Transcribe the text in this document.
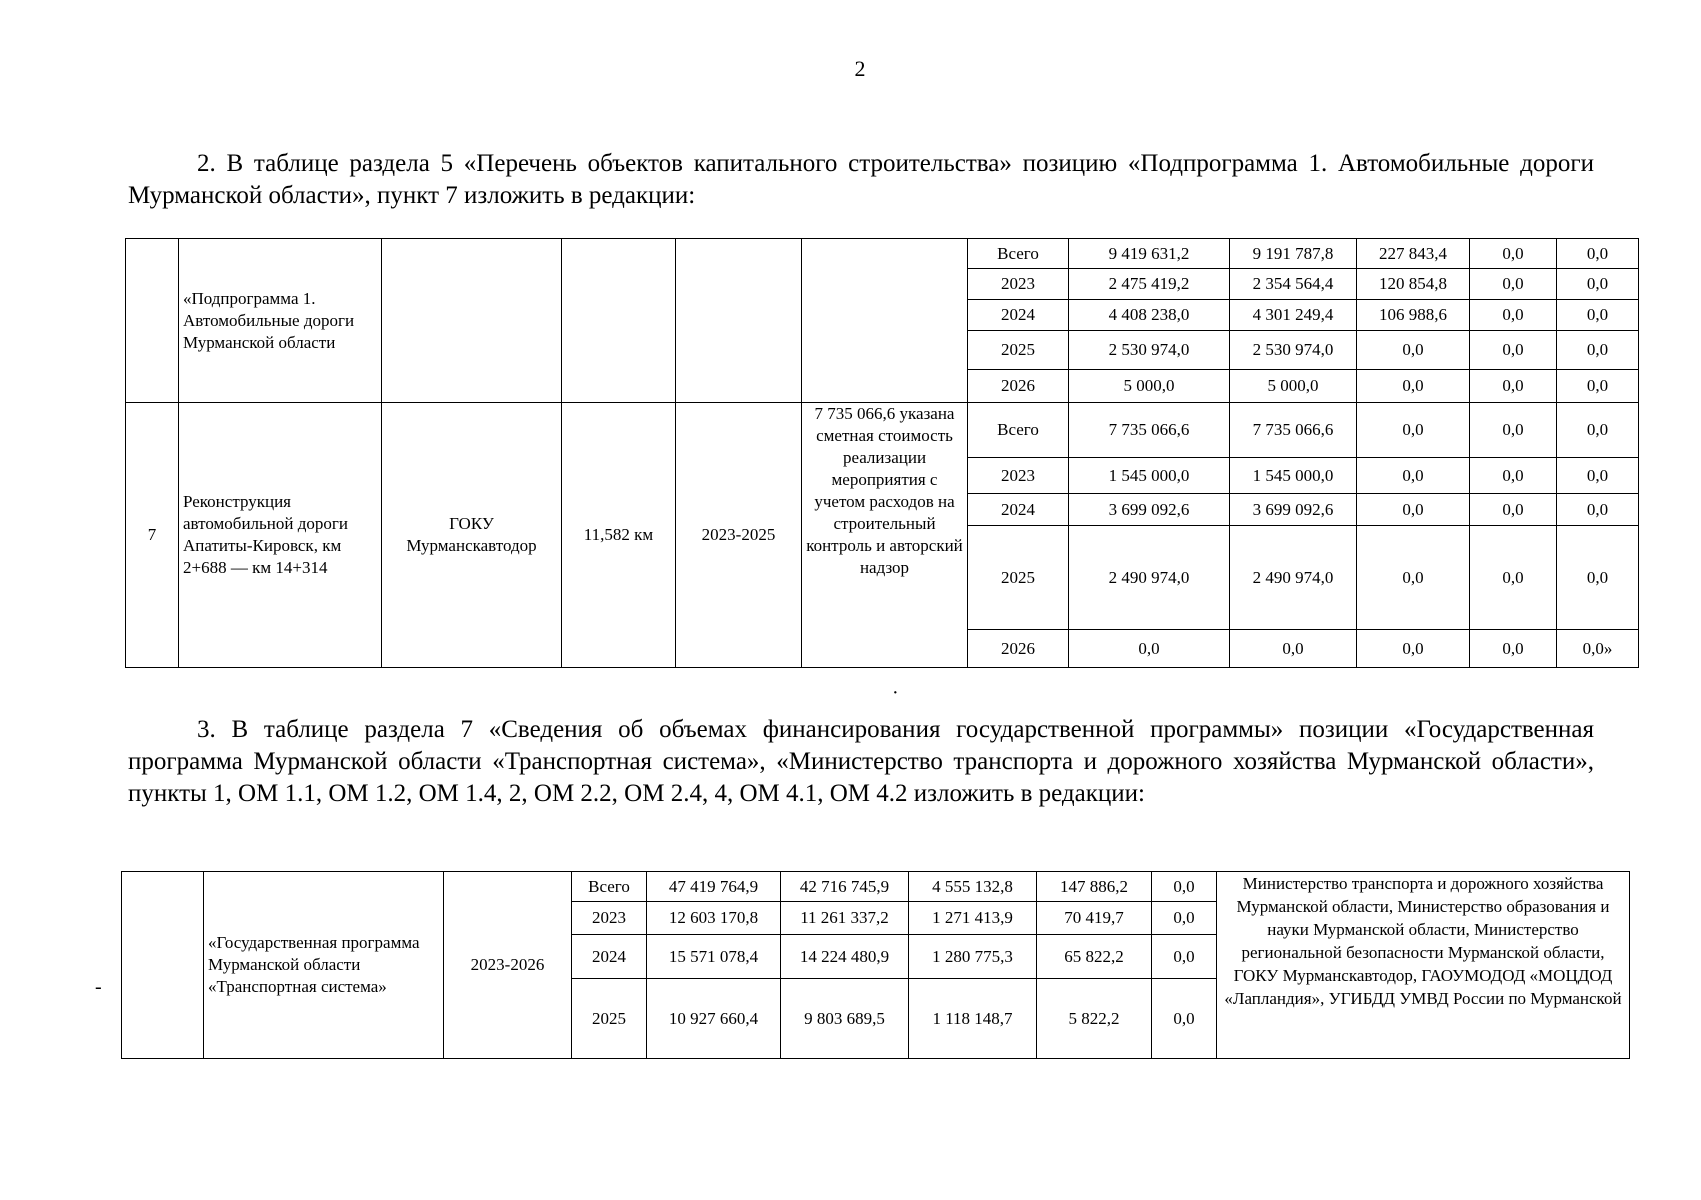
2

2. В таблице раздела 5 «Перечень объектов капитального строительства» позицию «Подпрограмма 1. Автомобильные дороги Мурманской области», пункт 7 изложить в редакции:

	«Подпрограмма 1. Автомобильные дороги Мурманской области					Всего	9 419 631,2	9 191 787,8	227 843,4	0,0	0,0
						2023	2 475 419,2	2 354 564,4	120 854,8	0,0	0,0
						2024	4 408 238,0	4 301 249,4	106 988,6	0,0	0,0
						2025	2 530 974,0	2 530 974,0	0,0	0,0	0,0
						2026	5 000,0	5 000,0	0,0	0,0	0,0
7	Реконструкция автомобильной дороги Апатиты-Кировск, км 2+688 — км 14+314	ГОКУ Мурманскавтодор	11,582 км	2023-2025	7 735 066,6 указана сметная стоимость реализации мероприятия с учетом расходов на строительный контроль и авторский надзор	Всего	7 735 066,6	7 735 066,6	0,0	0,0	0,0
						2023	1 545 000,0	1 545 000,0	0,0	0,0	0,0
						2024	3 699 092,6	3 699 092,6	0,0	0,0	0,0
						2025	2 490 974,0	2 490 974,0	0,0	0,0	0,0
						2026	0,0	0,0	0,0	0,0	0,0»
·

3. В таблице раздела 7 «Сведения об объемах финансирования государственной программы» позиции «Государственная программа Мурманской области «Транспортная система», «Министерство транспорта и дорожного хозяйства Мурманской области», пункты 1, ОМ 1.1, ОМ 1.2, ОМ 1.4, 2, ОМ 2.2, ОМ 2.4, 4, ОМ 4.1, ОМ 4.2 изложить в редакции:

-
	«Государственная программа Мурманской области «Транспортная система»	2023-2026	Всего	47 419 764,9	42 716 745,9	4 555 132,8	147 886,2	0,0	Министерство транспорта и дорожного хозяйства Мурманской области, Министерство образования и науки Мурманской области, Министерство региональной безопасности Мурманской области, ГОКУ Мурманскавтодор, ГАОУМОДОД «МОЦДОД «Лапландия», УГИБДД УМВД России по Мурманской
			2023	12 603 170,8	11 261 337,2	1 271 413,9	70 419,7	0,0	
			2024	15 571 078,4	14 224 480,9	1 280 775,3	65 822,2	0,0	
			2025	10 927 660,4	9 803 689,5	1 118 148,7	5 822,2	0,0	
